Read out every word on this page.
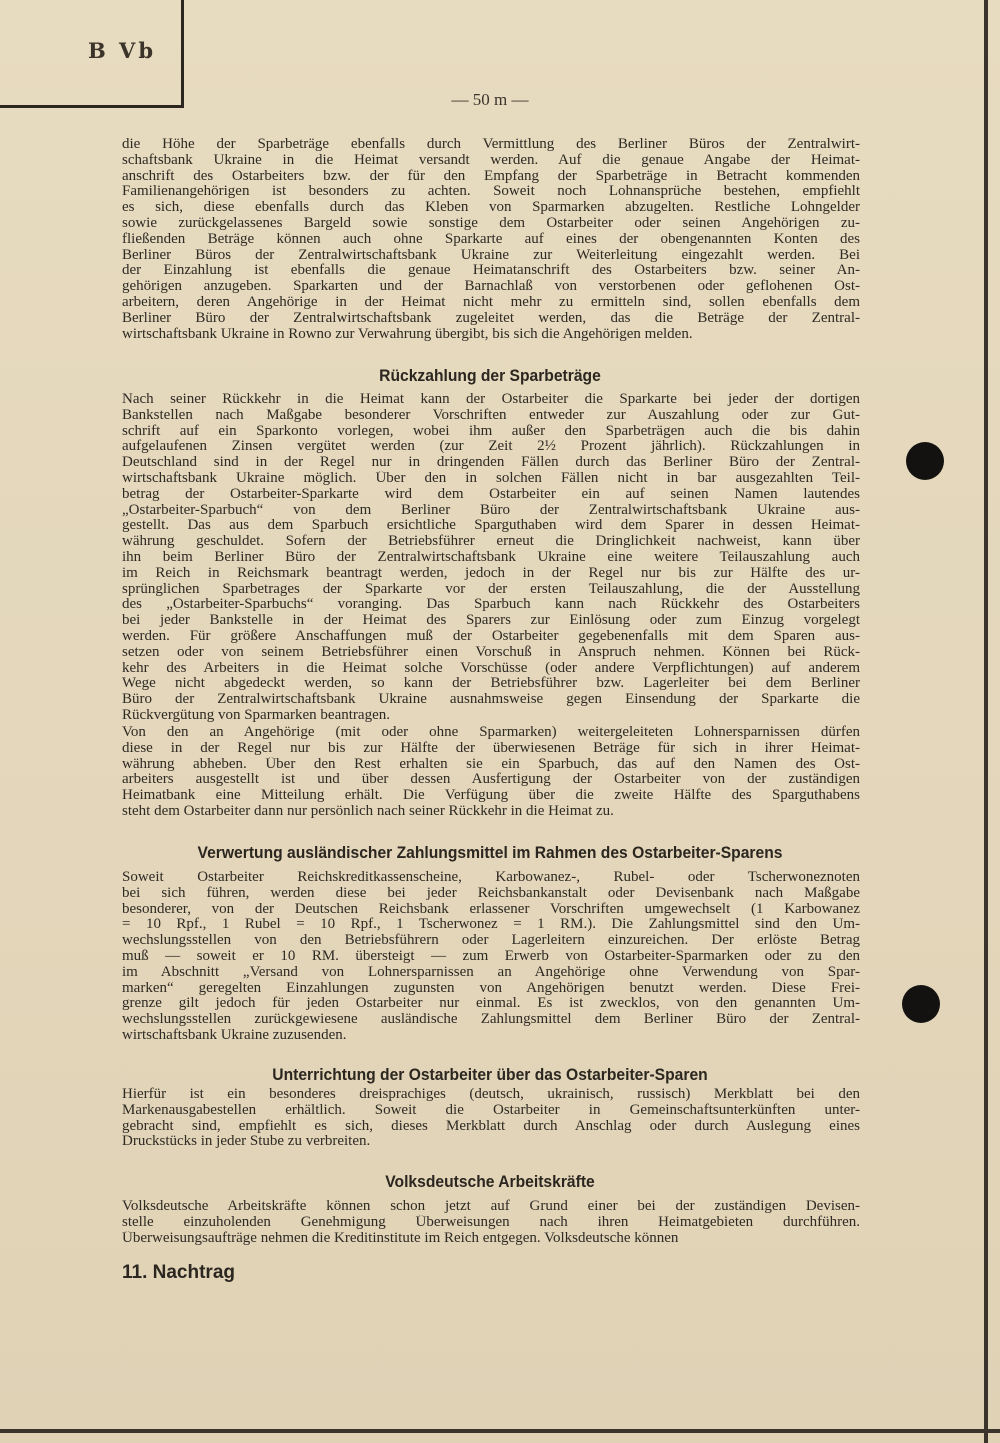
B Vb
— 50 m —
die Höhe der Sparbeträge ebenfalls durch Vermittlung des Berliner Büros der Zentralwirt-
schaftsbank Ukraine in die Heimat versandt werden. Auf die genaue Angabe der Heimat-
anschrift des Ostarbeiters bzw. der für den Empfang der Sparbeträge in Betracht kommenden
Familienangehörigen ist besonders zu achten. Soweit noch Lohnansprüche bestehen, empfiehlt
es sich, diese ebenfalls durch das Kleben von Sparmarken abzugelten. Restliche Lohngelder
sowie zurückgelassenes Bargeld sowie sonstige dem Ostarbeiter oder seinen Angehörigen zu-
fließenden Beträge können auch ohne Sparkarte auf eines der obengenannten Konten des
Berliner Büros der Zentralwirtschaftsbank Ukraine zur Weiterleitung eingezahlt werden. Bei
der Einzahlung ist ebenfalls die genaue Heimatanschrift des Ostarbeiters bzw. seiner An-
gehörigen anzugeben. Sparkarten und der Barnachlaß von verstorbenen oder geflohenen Ost-
arbeitern, deren Angehörige in der Heimat nicht mehr zu ermitteln sind, sollen ebenfalls dem
Berliner Büro der Zentralwirtschaftsbank zugeleitet werden, das die Beträge der Zentral-
wirtschaftsbank Ukraine in Rowno zur Verwahrung übergibt, bis sich die Angehörigen melden.
Rückzahlung der Sparbeträge
Nach seiner Rückkehr in die Heimat kann der Ostarbeiter die Sparkarte bei jeder der dortigen
Bankstellen nach Maßgabe besonderer Vorschriften entweder zur Auszahlung oder zur Gut-
schrift auf ein Sparkonto vorlegen, wobei ihm außer den Sparbeträgen auch die bis dahin
aufgelaufenen Zinsen vergütet werden (zur Zeit 2½ Prozent jährlich). Rückzahlungen in
Deutschland sind in der Regel nur in dringenden Fällen durch das Berliner Büro der Zentral-
wirtschaftsbank Ukraine möglich. Über den in solchen Fällen nicht in bar ausgezahlten Teil-
betrag der Ostarbeiter-Sparkarte wird dem Ostarbeiter ein auf seinen Namen lautendes
„Ostarbeiter-Sparbuch“ von dem Berliner Büro der Zentralwirtschaftsbank Ukraine aus-
gestellt. Das aus dem Sparbuch ersichtliche Sparguthaben wird dem Sparer in dessen Heimat-
währung geschuldet. Sofern der Betriebsführer erneut die Dringlichkeit nachweist, kann über
ihn beim Berliner Büro der Zentralwirtschaftsbank Ukraine eine weitere Teilauszahlung auch
im Reich in Reichsmark beantragt werden, jedoch in der Regel nur bis zur Hälfte des ur-
sprünglichen Sparbetrages der Sparkarte vor der ersten Teilauszahlung, die der Ausstellung
des „Ostarbeiter-Sparbuchs“ voranging. Das Sparbuch kann nach Rückkehr des Ostarbeiters
bei jeder Bankstelle in der Heimat des Sparers zur Einlösung oder zum Einzug vorgelegt
werden. Für größere Anschaffungen muß der Ostarbeiter gegebenenfalls mit dem Sparen aus-
setzen oder von seinem Betriebsführer einen Vorschuß in Anspruch nehmen. Können bei Rück-
kehr des Arbeiters in die Heimat solche Vorschüsse (oder andere Verpflichtungen) auf anderem
Wege nicht abgedeckt werden, so kann der Betriebsführer bzw. Lagerleiter bei dem Berliner
Büro der Zentralwirtschaftsbank Ukraine ausnahmsweise gegen Einsendung der Sparkarte die
Rückvergütung von Sparmarken beantragen.
Von den an Angehörige (mit oder ohne Sparmarken) weitergeleiteten Lohnersparnissen dürfen
diese in der Regel nur bis zur Hälfte der überwiesenen Beträge für sich in ihrer Heimat-
währung abheben. Über den Rest erhalten sie ein Sparbuch, das auf den Namen des Ost-
arbeiters ausgestellt ist und über dessen Ausfertigung der Ostarbeiter von der zuständigen
Heimatbank eine Mitteilung erhält. Die Verfügung über die zweite Hälfte des Sparguthabens
steht dem Ostarbeiter dann nur persönlich nach seiner Rückkehr in die Heimat zu.
Verwertung ausländischer Zahlungsmittel im Rahmen des Ostarbeiter-Sparens
Soweit Ostarbeiter Reichskreditkassenscheine, Karbowanez-, Rubel- oder Tscherwoneznoten
bei sich führen, werden diese bei jeder Reichsbankanstalt oder Devisenbank nach Maßgabe
besonderer, von der Deutschen Reichsbank erlassener Vorschriften umgewechselt (1 Karbowanez
= 10 Rpf., 1 Rubel = 10 Rpf., 1 Tscherwonez = 1 RM.). Die Zahlungsmittel sind den Um-
wechslungsstellen von den Betriebsführern oder Lagerleitern einzureichen. Der erlöste Betrag
muß — soweit er 10 RM. übersteigt — zum Erwerb von Ostarbeiter-Sparmarken oder zu den
im Abschnitt „Versand von Lohnersparnissen an Angehörige ohne Verwendung von Spar-
marken“ geregelten Einzahlungen zugunsten von Angehörigen benutzt werden. Diese Frei-
grenze gilt jedoch für jeden Ostarbeiter nur einmal. Es ist zwecklos, von den genannten Um-
wechslungsstellen zurückgewiesene ausländische Zahlungsmittel dem Berliner Büro der Zentral-
wirtschaftsbank Ukraine zuzusenden.
Unterrichtung der Ostarbeiter über das Ostarbeiter-Sparen
Hierfür ist ein besonderes dreisprachiges (deutsch, ukrainisch, russisch) Merkblatt bei den
Markenausgabestellen erhältlich. Soweit die Ostarbeiter in Gemeinschaftsunterkünften unter-
gebracht sind, empfiehlt es sich, dieses Merkblatt durch Anschlag oder durch Auslegung eines
Druckstücks in jeder Stube zu verbreiten.
Volksdeutsche Arbeitskräfte
Volksdeutsche Arbeitskräfte können schon jetzt auf Grund einer bei der zuständigen Devisen-
stelle einzuholenden Genehmigung Überweisungen nach ihren Heimatgebieten durchführen.
Überweisungsaufträge nehmen die Kreditinstitute im Reich entgegen. Volksdeutsche können
11. Nachtrag
